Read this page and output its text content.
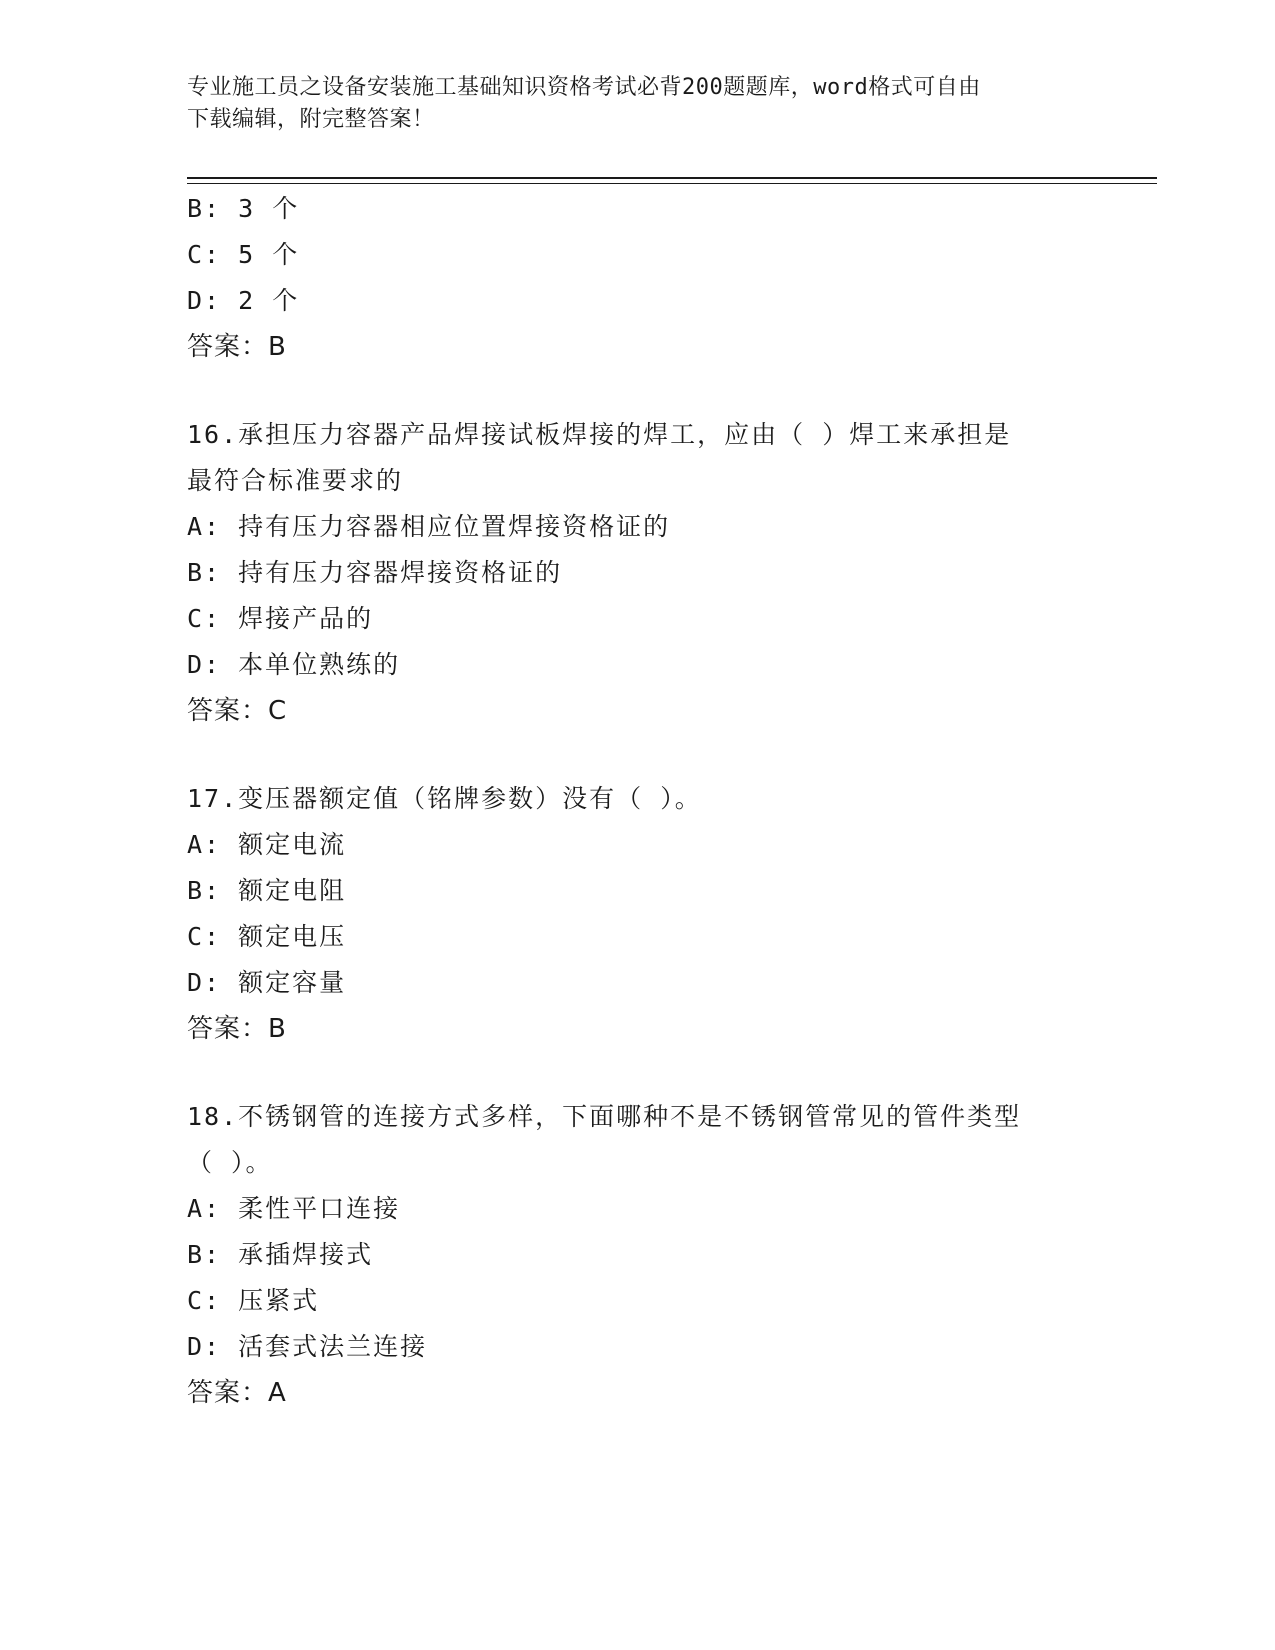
专业施工员之设备安装施工基础知识资格考试必背200题题库，word格式可自由
下载编辑，附完整答案！
B: 3 个
C: 5 个
D: 2 个
答案：B
16.承担压力容器产品焊接试板焊接的焊工，应由（ ）焊工来承担是
最符合标准要求的
A: 持有压力容器相应位置焊接资格证的
B: 持有压力容器焊接资格证的
C: 焊接产品的
D: 本单位熟练的
答案：C
17.变压器额定值（铭牌参数）没有（ ）。
A: 额定电流
B: 额定电阻
C: 额定电压
D: 额定容量
答案：B
18.不锈钢管的连接方式多样，下面哪种不是不锈钢管常见的管件类型
（ ）。
A: 柔性平口连接
B: 承插焊接式
C: 压紧式
D: 活套式法兰连接
答案：A
